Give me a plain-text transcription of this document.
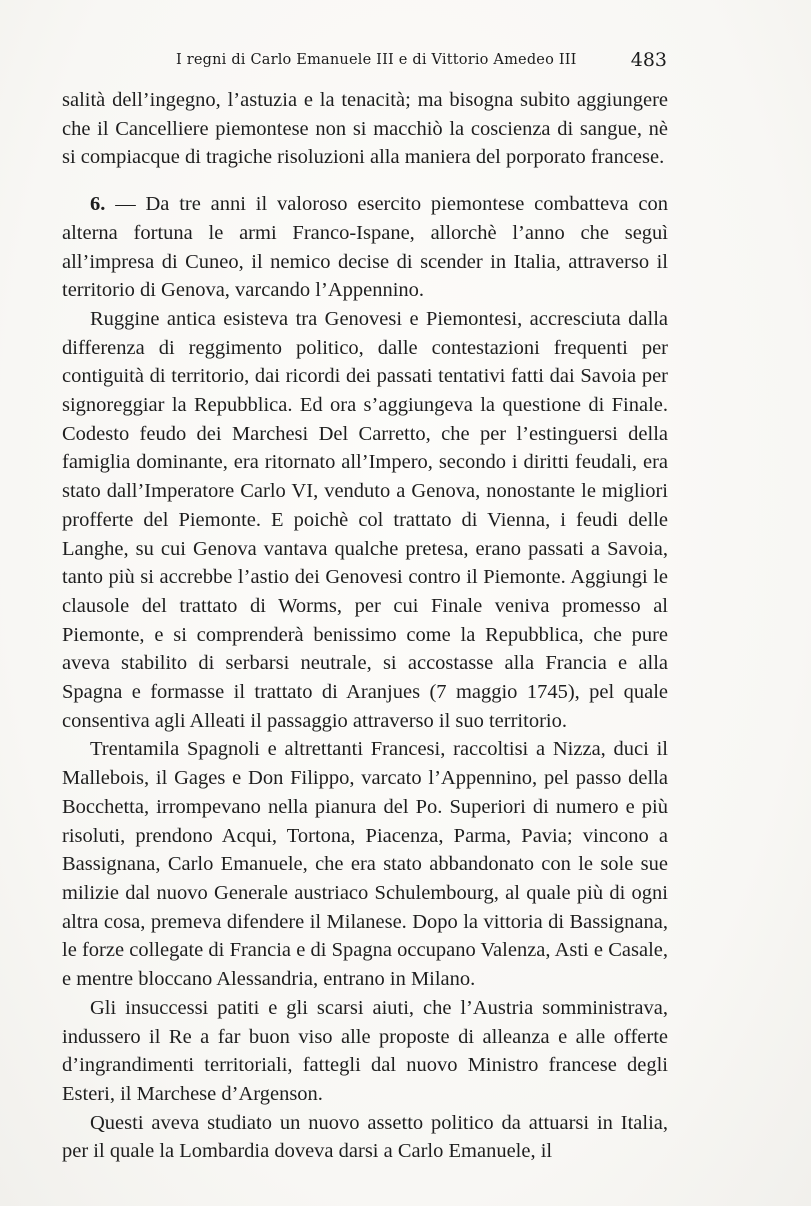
I regni di Carlo Emanuele III e di Vittorio Amedeo III	483

salità dell’ingegno, l’astuzia e la tenacità; ma bisogna subito aggiungere che il Cancelliere piemontese non si macchiò la coscienza di sangue, nè si compiacque di tragiche risoluzioni alla maniera del porporato francese.

6. — Da tre anni il valoroso esercito piemontese combatteva con alterna fortuna le armi Franco-Ispane, allorchè l’anno che seguì all’impresa di Cuneo, il nemico decise di scender in Italia, attraverso il territorio di Genova, varcando l’Appennino.

Ruggine antica esisteva tra Genovesi e Piemontesi, accresciuta dalla differenza di reggimento politico, dalle contestazioni frequenti per contiguità di territorio, dai ricordi dei passati tentativi fatti dai Savoia per signoreggiar la Repubblica. Ed ora s’aggiungeva la questione di Finale. Codesto feudo dei Marchesi Del Carretto, che per l’estinguersi della famiglia dominante, era ritornato all’Impero, secondo i diritti feudali, era stato dall’Imperatore Carlo VI, venduto a Genova, nonostante le migliori profferte del Piemonte. E poichè col trattato di Vienna, i feudi delle Langhe, su cui Genova vantava qualche pretesa, erano passati a Savoia, tanto più si accrebbe l’astio dei Genovesi contro il Piemonte. Aggiungi le clausole del trattato di Worms, per cui Finale veniva promesso al Piemonte, e si comprenderà benissimo come la Repubblica, che pure aveva stabilito di serbarsi neutrale, si accostasse alla Francia e alla Spagna e formasse il trattato di Aranjues (7 maggio 1745), pel quale consentiva agli Alleati il passaggio attraverso il suo territorio.

Trentamila Spagnoli e altrettanti Francesi, raccoltisi a Nizza, duci il Mallebois, il Gages e Don Filippo, varcato l’Appennino, pel passo della Bocchetta, irrompevano nella pianura del Po. Superiori di numero e più risoluti, prendono Acqui, Tortona, Piacenza, Parma, Pavia; vincono a Bassignana, Carlo Emanuele, che era stato abbandonato con le sole sue milizie dal nuovo Generale austriaco Schulembourg, al quale più di ogni altra cosa, premeva difendere il Milanese. Dopo la vittoria di Bassignana, le forze collegate di Francia e di Spagna occupano Valenza, Asti e Casale, e mentre bloccano Alessandria, entrano in Milano.

Gli insuccessi patiti e gli scarsi aiuti, che l’Austria somministrava, indussero il Re a far buon viso alle proposte di alleanza e alle offerte d’ingrandimenti territoriali, fattegli dal nuovo Ministro francese degli Esteri, il Marchese d’Argenson.

Questi aveva studiato un nuovo assetto politico da attuarsi in Italia, per il quale la Lombardia doveva darsi a Carlo Emanuele, il
